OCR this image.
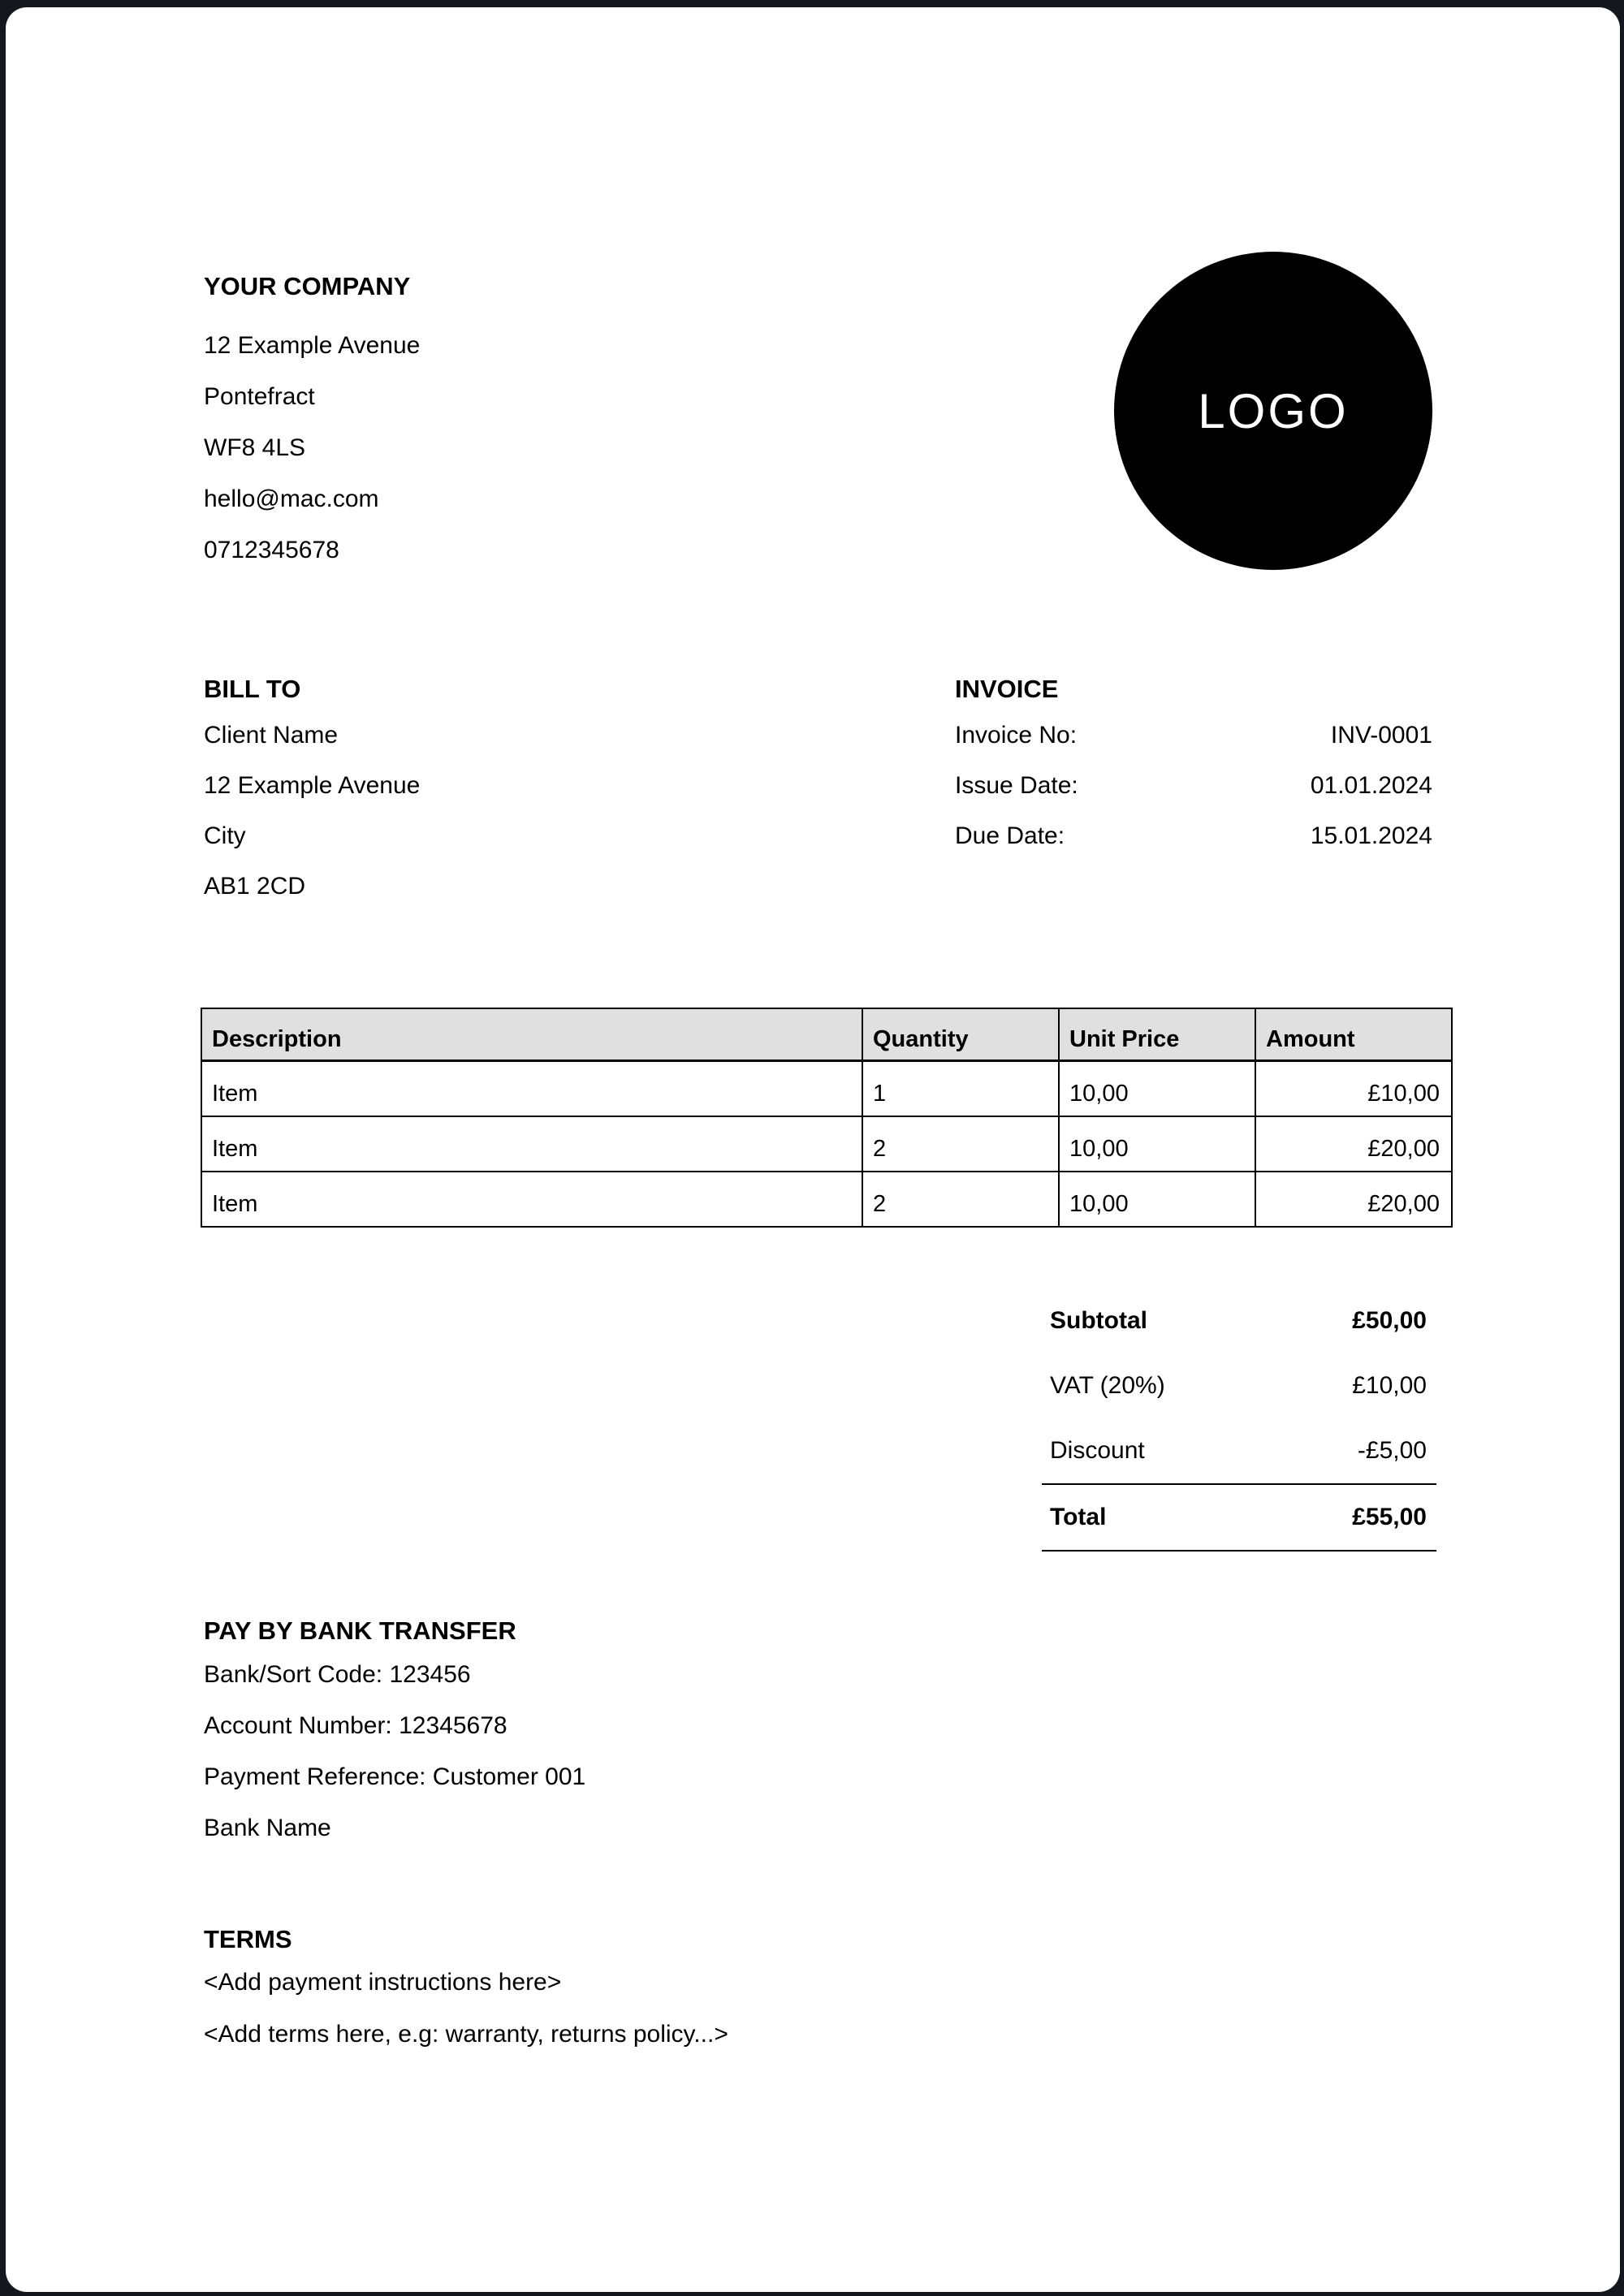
YOUR COMPANY
12 Example Avenue
Pontefract
WF8 4LS
hello@mac.com
0712345678
LOGO
BILL TO
Client Name
12 Example Avenue
City
AB1 2CD
INVOICE
Invoice No:	INV-0001
Issue Date:	01.01.2024
Due Date:	15.01.2024
Description	Quantity	Unit Price	Amount
Item	1	10,00	£10,00
Item	2	10,00	£20,00
Item	2	10,00	£20,00
Subtotal	£50,00
VAT (20%)	£10,00
Discount	-£5,00
Total	£55,00
PAY BY BANK TRANSFER
Bank/Sort Code: 123456
Account Number: 12345678
Payment Reference: Customer 001
Bank Name
TERMS
<Add payment instructions here>
<Add terms here, e.g: warranty, returns policy...>
